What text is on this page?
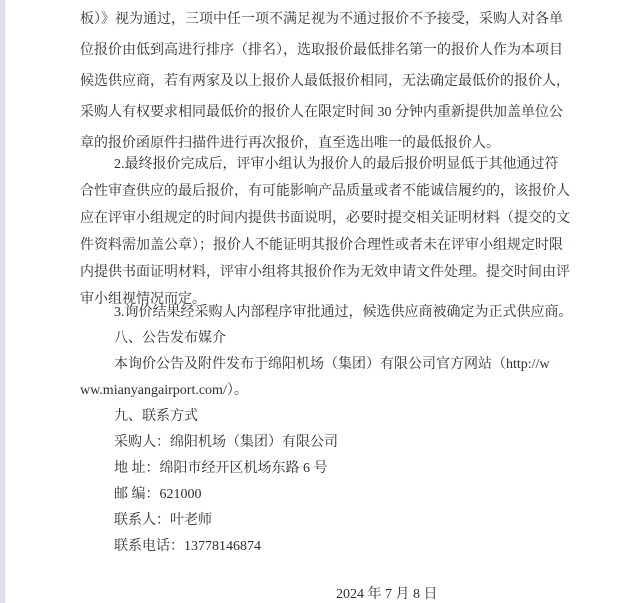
板）》视为通过，三项中任一项不满足视为不通过报价不予接受，采购人对各单
位报价由低到高进行排序（排名），选取报价最低排名第一的报价人作为本项目
候选供应商，若有两家及以上报价人最低报价相同，无法确定最低价的报价人，
采购人有权要求相同最低价的报价人在限定时间 30 分钟内重新提供加盖单位公
章的报价函原件扫描件进行再次报价，直至选出唯一的最低报价人。
2.最终报价完成后，评审小组认为报价人的最后报价明显低于其他通过符
合性审查供应的最后报价，有可能影响产品质量或者不能诚信履约的，该报价人
应在评审小组规定的时间内提供书面说明，必要时提交相关证明材料（提交的文
件资料需加盖公章）；报价人不能证明其报价合理性或者未在评审小组规定时限
内提供书面证明材料，评审小组将其报价作为无效申请文件处理。提交时间由评
审小组视情况而定。
3.询价结果经采购人内部程序审批通过，候选供应商被确定为正式供应商。
八、公告发布媒介
本询价公告及附件发布于绵阳机场（集团）有限公司官方网站（http://w
ww.mianyangairport.com/）。
九、联系方式
采购人：绵阳机场（集团）有限公司
地 址：绵阳市经开区机场东路 6 号
邮 编：621000
联系人：叶老师
联系电话：13778146874
2024 年 7 月 8 日
